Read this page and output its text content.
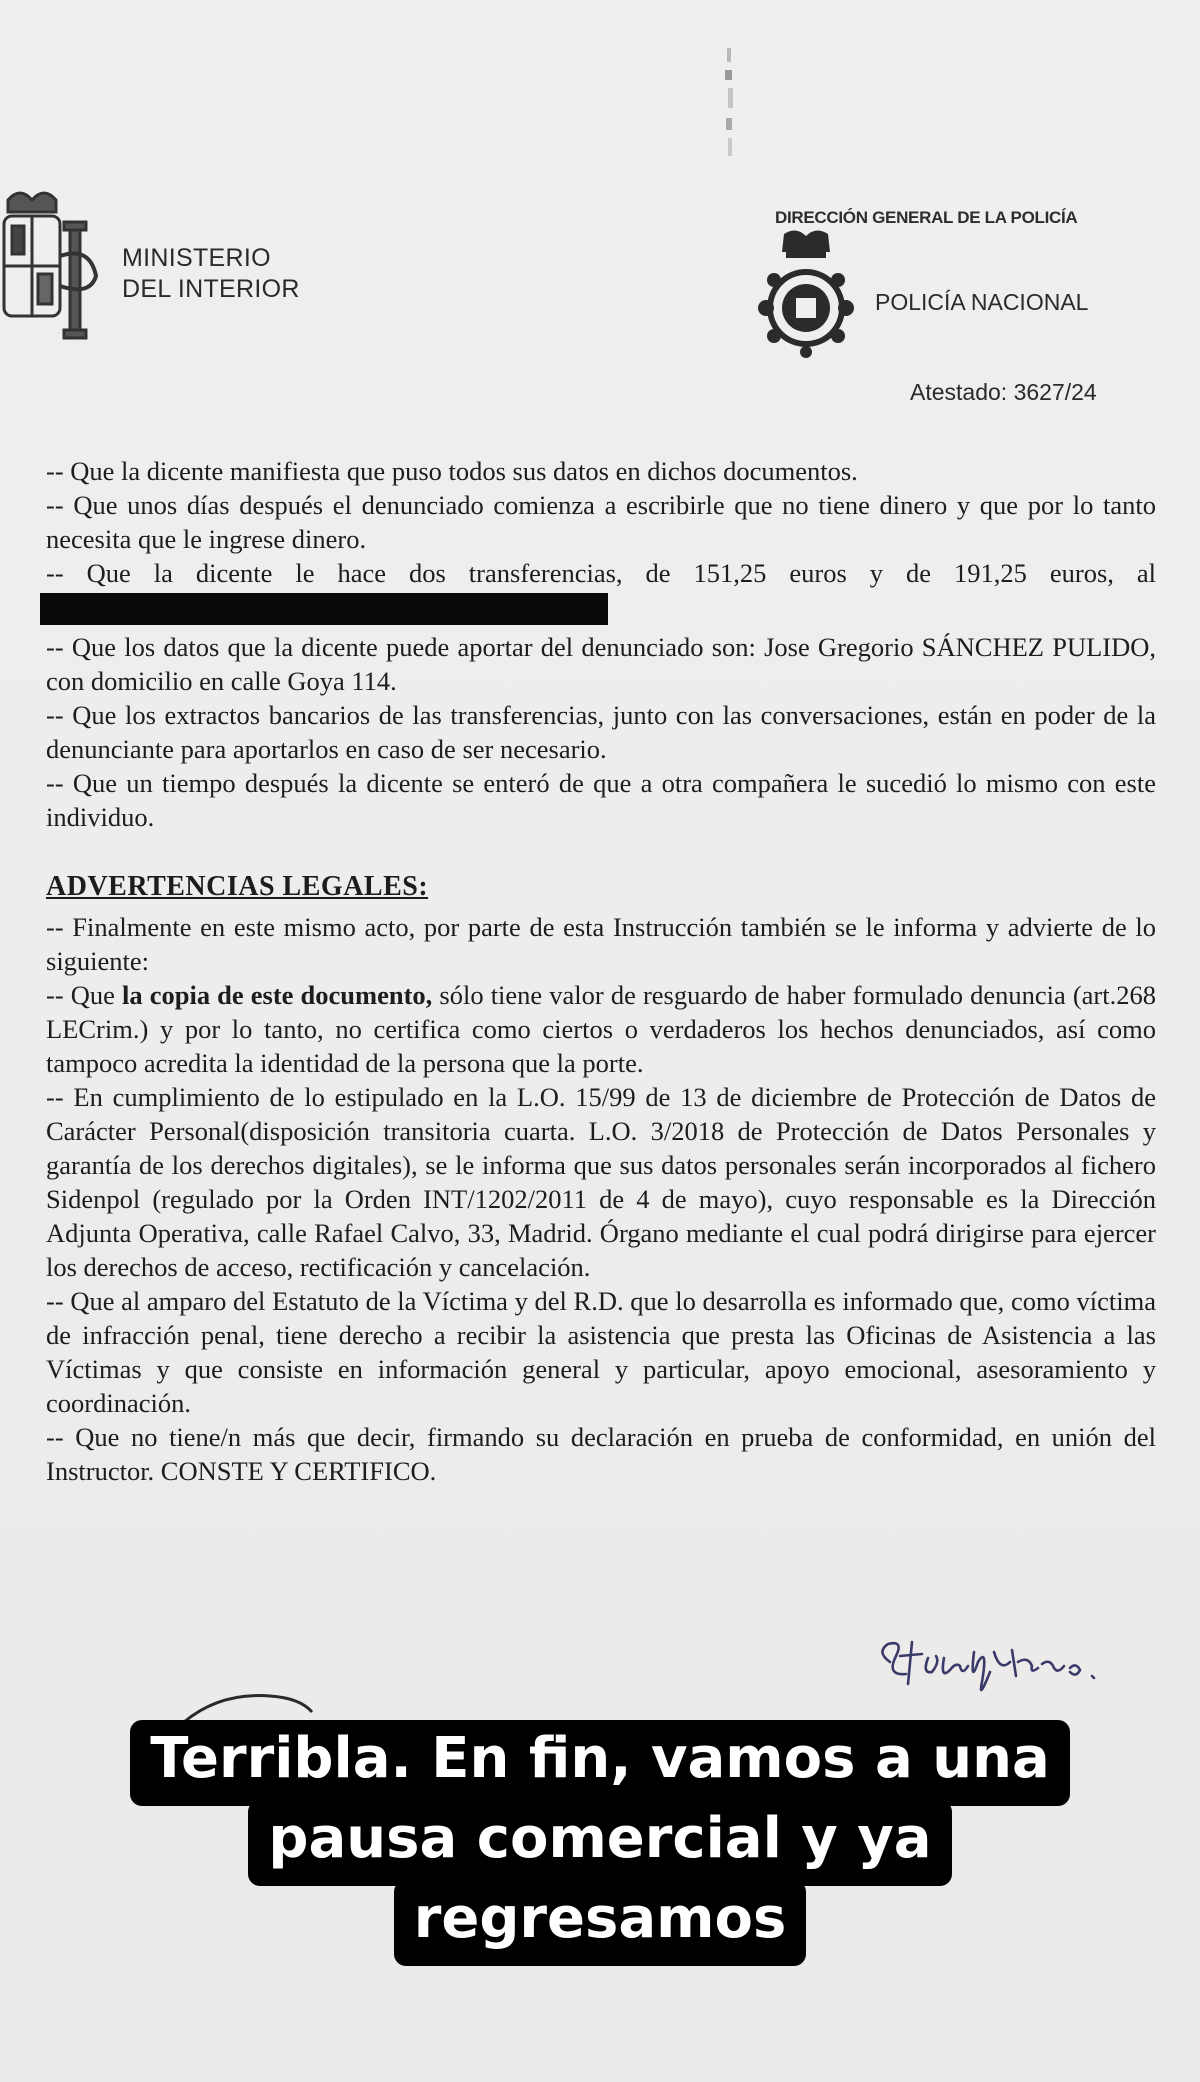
MINISTERIO
DEL INTERIOR
DIRECCIÓN GENERAL DE LA POLICÍA
POLICÍA NACIONAL
Atestado: 3627/24

-- Que la dicente manifiesta que puso todos sus datos en dichos documentos.

-- Que unos días después el denunciado comienza a escribirle que no tiene dinero y que por lo tanto necesita que le ingrese dinero.

-- Que la dicente le hace dos transferencias, de 151,25 euros y de 191,25 euros, al

-- Que los datos que la dicente puede aportar del denunciado son: Jose Gregorio SÁNCHEZ PULIDO, con domicilio en calle Goya 114.

-- Que los extractos bancarios de las transferencias, junto con las conversaciones, están en poder de la denunciante para aportarlos en caso de ser necesario.

-- Que un tiempo después la dicente se enteró de que a otra compañera le sucedió lo mismo con este individuo.

ADVERTENCIAS LEGALES:

-- Finalmente en este mismo acto, por parte de esta Instrucción también se le informa y advierte de lo siguiente:

-- Que la copia de este documento, sólo tiene valor de resguardo de haber formulado denuncia (art.268 LECrim.) y por lo tanto, no certifica como ciertos o verdaderos los hechos denunciados, así como tampoco acredita la identidad de la persona que la porte.

-- En cumplimiento de lo estipulado en la L.O. 15/99 de 13 de diciembre de Protección de Datos de Carácter Personal(disposición transitoria cuarta. L.O. 3/2018 de Protección de Datos Personales y garantía de los derechos digitales), se le informa que sus datos personales serán incorporados al fichero Sidenpol (regulado por la Orden INT/1202/2011 de 4 de mayo), cuyo responsable es la Dirección Adjunta Operativa, calle Rafael Calvo, 33, Madrid. Órgano mediante el cual podrá dirigirse para ejercer los derechos de acceso, rectificación y cancelación.

-- Que al amparo del Estatuto de la Víctima y del R.D. que lo desarrolla es informado que, como víctima de infracción penal, tiene derecho a recibir la asistencia que presta las Oficinas de Asistencia a las Víctimas y que consiste en información general y particular, apoyo emocional, asesoramiento y coordinación.

-- Que no tiene/n más que decir, firmando su declaración en prueba de conformidad, en unión del Instructor. CONSTE Y CERTIFICO.

Terribla. En fin, vamos a una
pausa comercial y ya
regresamos
